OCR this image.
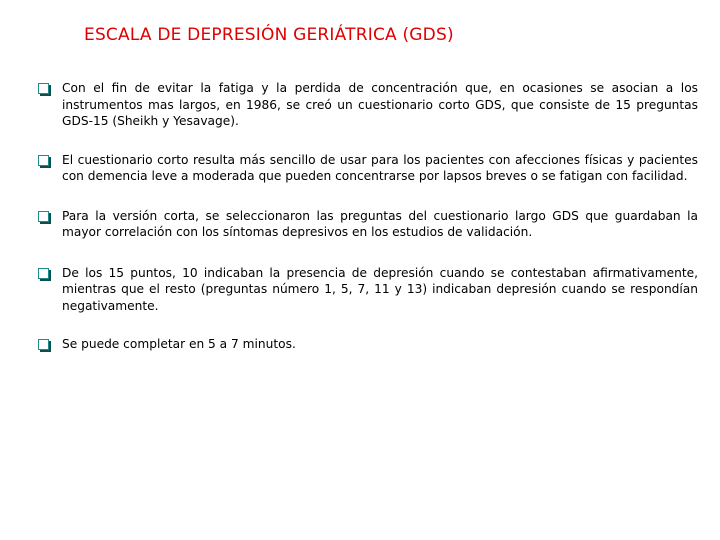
ESCALA DE DEPRESIÓN GERIÁTRICA (GDS)
Con el fin de evitar la fatiga y la perdida de concentración que, en ocasiones se asocian a los instrumentos mas largos, en 1986, se creó un cuestionario corto GDS, que consiste de 15 preguntas GDS-15 (Sheikh y Yesavage).
El cuestionario corto resulta más sencillo de usar para los pacientes con afecciones físicas y pacientes con demencia leve a moderada que pueden concentrarse por lapsos breves o se fatigan con facilidad.
Para la versión corta, se seleccionaron las preguntas del cuestionario largo GDS que guardaban la mayor correlación con los síntomas depresivos en los estudios de validación.
De los 15 puntos, 10 indicaban la presencia de depresión cuando se contestaban afirmativamente, mientras que el resto (preguntas número 1, 5, 7, 11 y 13) indicaban depresión cuando se respondían negativamente.
Se puede completar en 5 a 7 minutos.
